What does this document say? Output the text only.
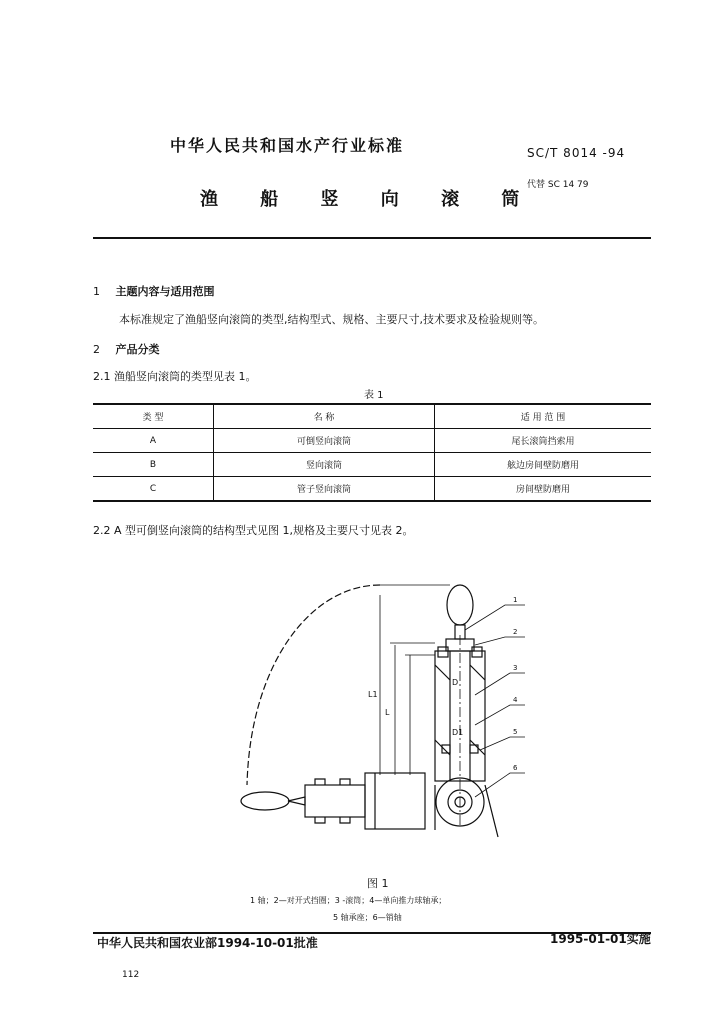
中华人民共和国水产行业标准	SC/T 8014 -94
渔 船 竖 向 滚 筒
代替 SC 14 79
1 主题内容与适用范围
本标准规定了渔船竖向滚筒的类型,结构型式、规格、主要尺寸,技术要求及检验规则等。
2 产品分类
2.1 渔船竖向滚筒的类型见表 1。
表 1
类 型	名 称	适 用 范 围
A	可倒竖向滚筒	尾长滚筒挡索用
B	竖向滚筒	舷边房间壁防磨用
C	管子竖向滚筒	房间壁防磨用
2.2 A 型可倒竖向滚筒的结构型式见图 1,规格及主要尺寸见表 2。
1
2
3
4
5
6
L1
L
D
D1
图 1
1 轴；2—对开式挡圈；3 -滚筒；4—单向推力球轴承；
5 轴承座；6—销轴
中华人民共和国农业部1994-10-01批准	1995-01-01实施
112
